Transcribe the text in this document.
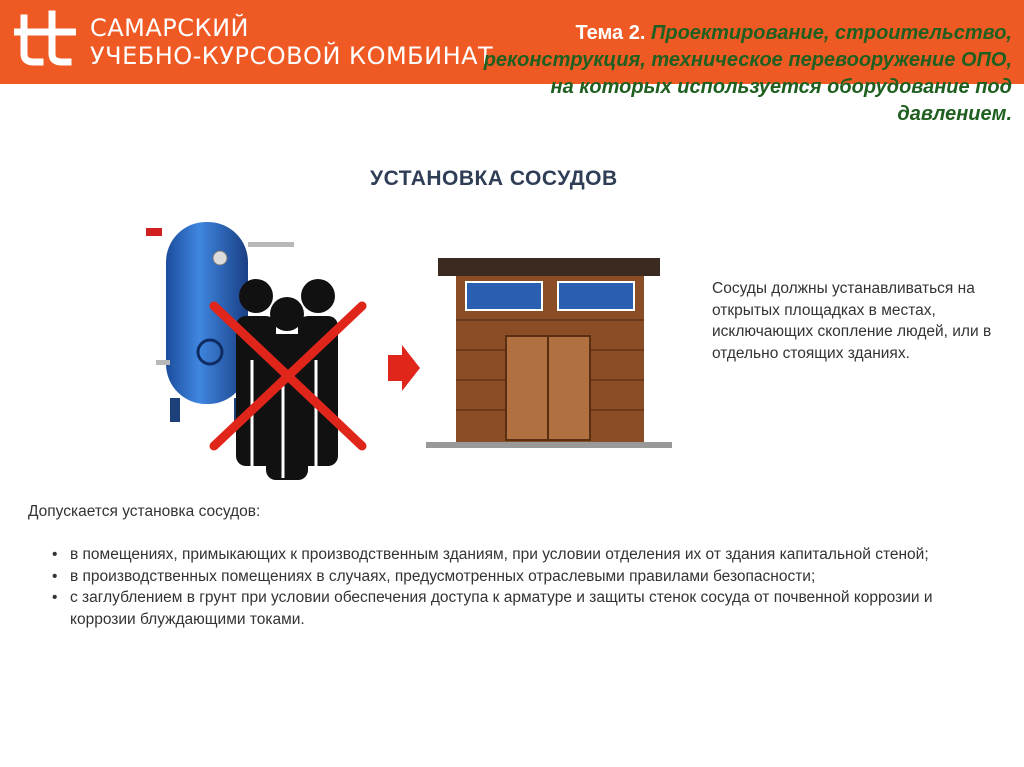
САМАРСКИЙ
УЧЕБНО-КУРСОВОЙ КОМБИНАТ
Тема 2. Проектирование, строительство,
реконструкция, техническое перевооружение ОПО,
на которых используется оборудование под
давлением.
УСТАНОВКА СОСУДОВ
Сосуды должны устанавливаться на открытых площадках в местах, исключающих скопление людей, или в отдельно стоящих зданиях.
Допускается установка сосудов:
• в помещениях, примыкающих к производственным зданиям, при условии отделения их от здания капитальной стеной;
• в производственных помещениях в случаях, предусмотренных отраслевыми правилами безопасности;
• с заглублением в грунт при условии обеспечения доступа к арматуре и защиты стенок сосуда от почвенной коррозии и коррозии блуждающими токами.
